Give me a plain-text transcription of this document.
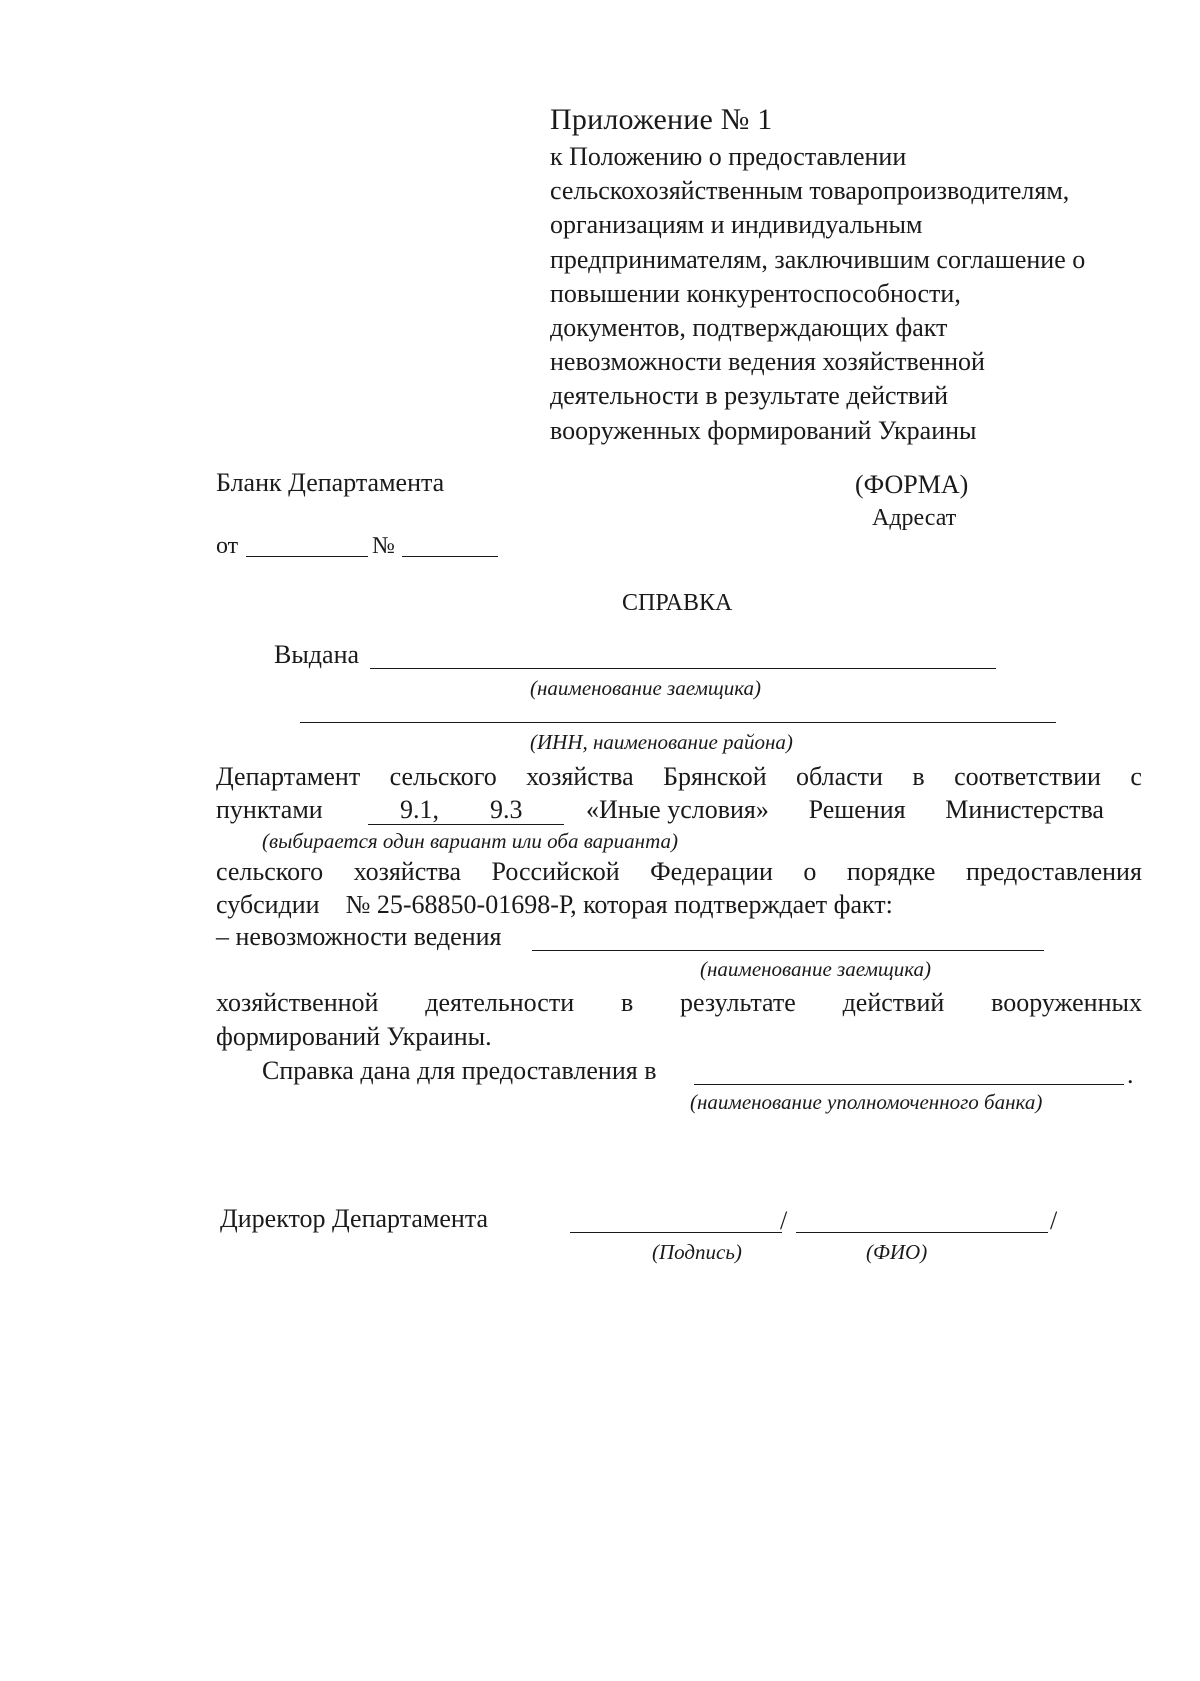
Приложение № 1
к Положению о предоставлении
сельскохозяйственным товаропроизводителям,
организациям и индивидуальным
предпринимателям, заключившим соглашение о
повышении конкурентоспособности,
документов, подтверждающих факт
невозможности ведения хозяйственной
деятельности в результате действий
вооруженных формирований Украины
Бланк Департамента	(ФОРМА)
Адресат
от	№
СПРАВКА
Выдана
(наименование заемщика)
(ИНН, наименование района)
Департамент сельского хозяйства Брянской области в соответствии с
пунктами	9.1, 9.3 «Иные условия» Решения Министерства
(выбирается один вариант или оба варианта)
сельского хозяйства Российской Федерации о порядке предоставления
субсидии    № 25-68850-01698-Р, которая подтверждает факт:
– невозможности ведения
(наименование заемщика)
хозяйственной деятельности в результате действий вооруженных
формирований Украины.
Справка дана для предоставления в	.
(наименование уполномоченного банка)
Директор Департамента	/	/
(Подпись)	(ФИО)
